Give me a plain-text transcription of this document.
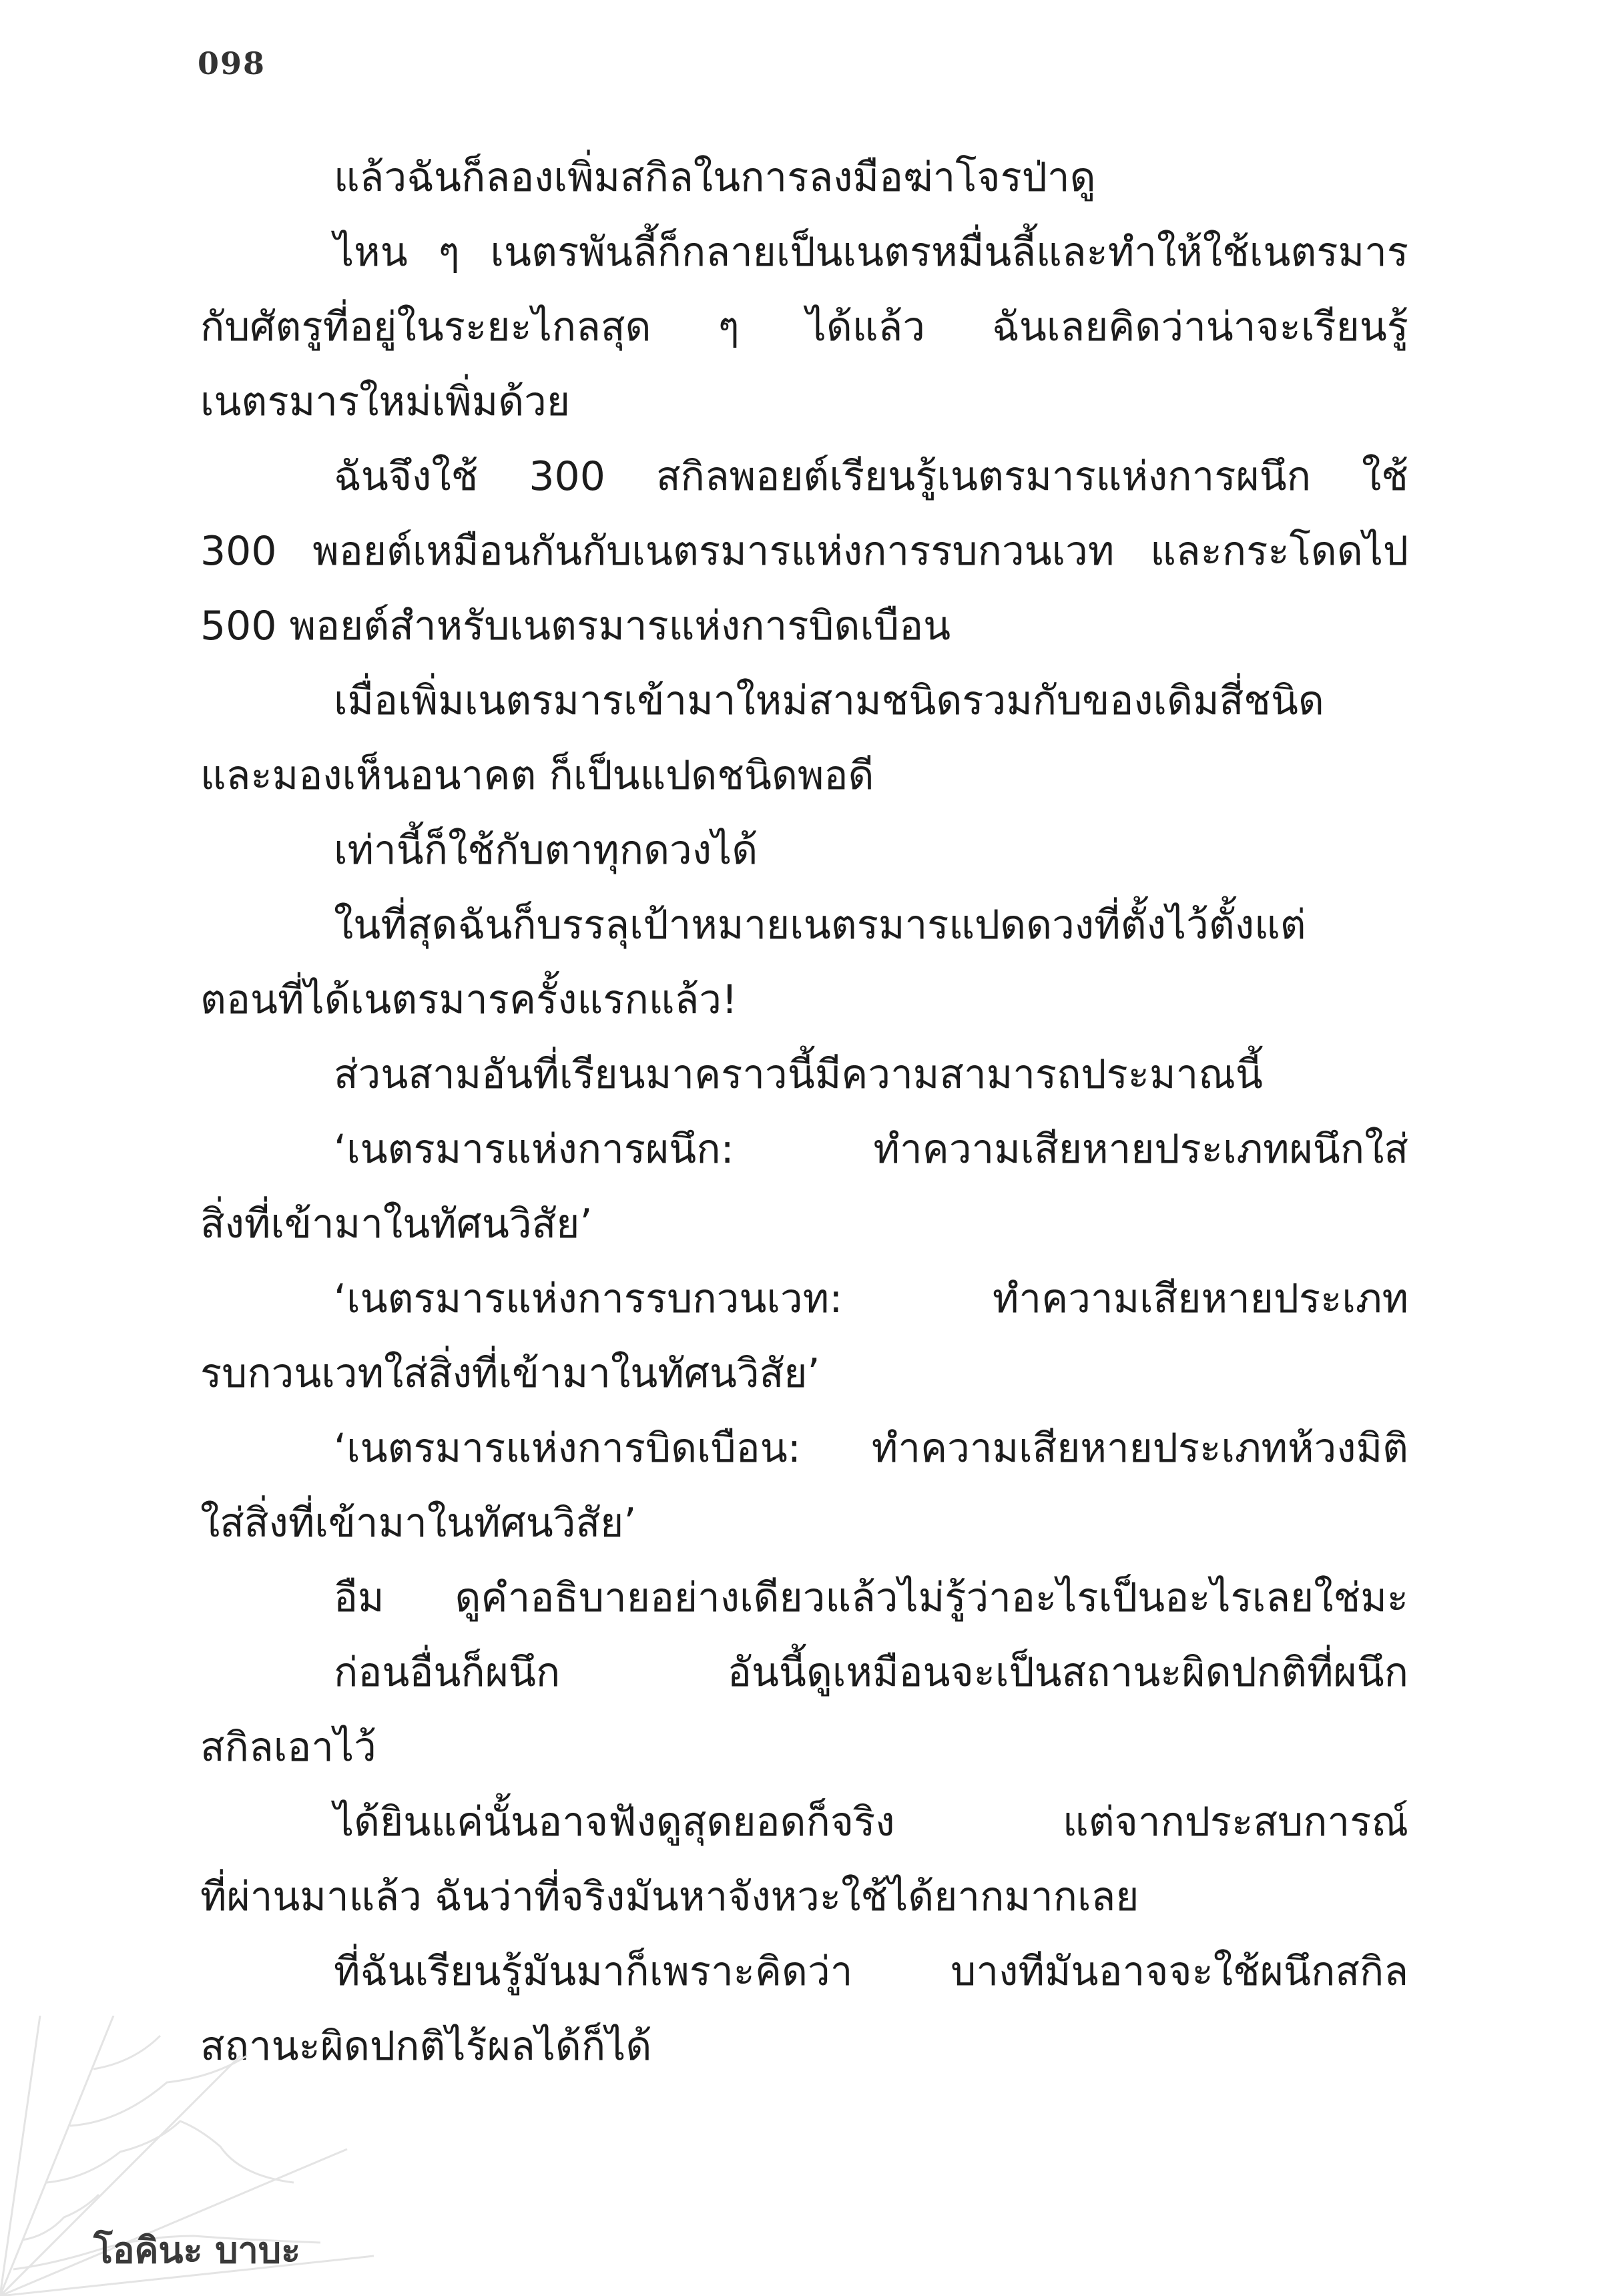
098
แล้วฉันก็ลองเพิ่มสกิลในการลงมือฆ่าโจรป่าดู
ไหน ๆ เนตรพันลี้ก็กลายเป็นเนตรหมื่นลี้และทำให้ใช้เนตรมาร
กับศัตรูที่อยู่ในระยะไกลสุด ๆ ได้แล้ว ฉันเลยคิดว่าน่าจะเรียนรู้
เนตรมารใหม่เพิ่มด้วย
ฉันจึงใช้ 300 สกิลพอยต์เรียนรู้เนตรมารแห่งการผนึก ใช้
300 พอยต์เหมือนกันกับเนตรมารแห่งการรบกวนเวท และกระโดดไป
500 พอยต์สำหรับเนตรมารแห่งการบิดเบือน
เมื่อเพิ่มเนตรมารเข้ามาใหม่สามชนิดรวมกับของเดิมสี่ชนิด
และมองเห็นอนาคต ก็เป็นแปดชนิดพอดี
เท่านี้ก็ใช้กับตาทุกดวงได้
ในที่สุดฉันก็บรรลุเป้าหมายเนตรมารแปดดวงที่ตั้งไว้ตั้งแต่
ตอนที่ได้เนตรมารครั้งแรกแล้ว!
ส่วนสามอันที่เรียนมาคราวนี้มีความสามารถประมาณนี้
‘เนตรมารแห่งการผนึก: ทำความเสียหายประเภทผนึกใส่
สิ่งที่เข้ามาในทัศนวิสัย’
‘เนตรมารแห่งการรบกวนเวท: ทำความเสียหายประเภท
รบกวนเวทใส่สิ่งที่เข้ามาในทัศนวิสัย’
‘เนตรมารแห่งการบิดเบือน: ทำความเสียหายประเภทห้วงมิติ
ใส่สิ่งที่เข้ามาในทัศนวิสัย’
อืม ดูคำอธิบายอย่างเดียวแล้วไม่รู้ว่าอะไรเป็นอะไรเลยใช่มะ
ก่อนอื่นก็ผนึก อันนี้ดูเหมือนจะเป็นสถานะผิดปกติที่ผนึก
สกิลเอาไว้
ได้ยินแค่นั้นอาจฟังดูสุดยอดก็จริง แต่จากประสบการณ์
ที่ผ่านมาแล้ว ฉันว่าที่จริงมันหาจังหวะใช้ได้ยากมากเลย
ที่ฉันเรียนรู้มันมาก็เพราะคิดว่า บางทีมันอาจจะใช้ผนึกสกิล
สถานะผิดปกติไร้ผลได้ก็ได้
โอคินะ บาบะ
